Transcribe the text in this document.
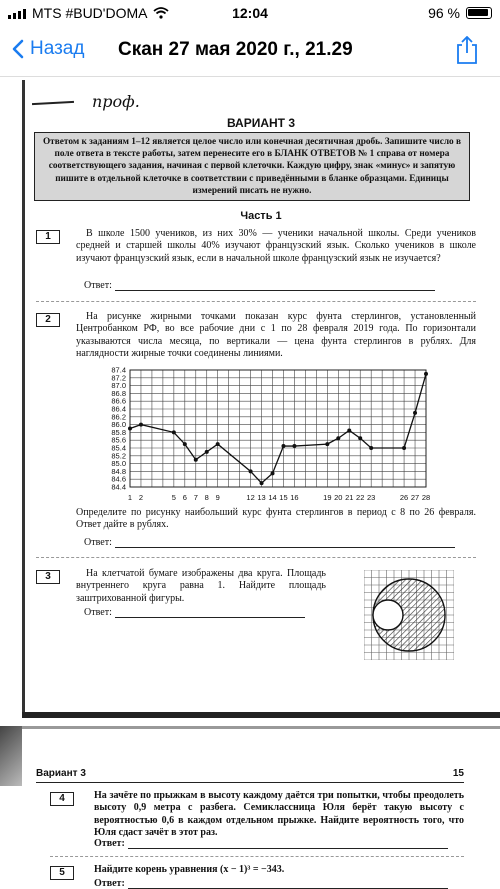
MTS #BUD'DOMA	12:04	96 %
Назад Скан 27 мая 2020 г., 21.29
проф.
ВАРИАНТ 3
Ответом к заданиям 1–12 является целое число или конечная десятичная дробь. Запишите число в поле ответа в тексте работы, затем перенесите его в БЛАНК ОТВЕТОВ № 1 справа от номера соответствующего задания, начиная с первой клеточки. Каждую цифру, знак «минус» и запятую пишите в отдельной клеточке в соответствии с приведёнными в бланке образцами. Единицы измерений писать не нужно.
Часть 1
1	В школе 1500 учеников, из них 30% — ученики начальной школы. Среди учеников средней и старшей школы 40% изучают французский язык. Сколько учеников в школе изучают французский язык, если в начальной школе французский язык не изучается?
Ответ:
2	На рисунке жирными точками показан курс фунта стерлингов, установленный Центробанком РФ, во все рабочие дни с 1 по 28 февраля 2019 года. По горизонтали указываются числа месяца, по вертикали — цена фунта стерлингов в рублях. Для наглядности жирные точки соединены линиями.
84.4
84.6
84.8
85.0
85.2
85.4
85.6
85.8
86.0
86.2
86.4
86.6
86.8
87.0
87.2
87.4
1 2	5 6 7 8 9	12 13 14 15 16	19 20 21 22 23	26 27 28
Определите по рисунку наибольший курс фунта стерлингов в период с 8 по 26 февраля. Ответ дайте в рублях.
Ответ:
3	На клетчатой бумаге изображены два круга. Площадь внутреннего круга равна 1. Найдите площадь заштрихованной фигуры.
Ответ:
Вариант 3	15
4	На зачёте по прыжкам в высоту каждому даётся три попытки, чтобы преодолеть высоту 0,9 метра с разбега. Семиклассница Юля берёт такую высоту с вероятностью 0,6 в каждом отдельном прыжке. Найдите вероятность того, что Юля сдаст зачёт в этот раз.
Ответ:
5	Найдите корень уравнения (x − 1)³ = −343.
Ответ:
